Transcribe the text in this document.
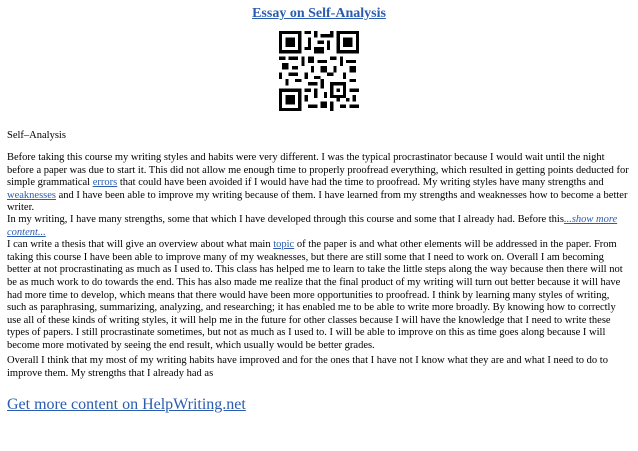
Essay on Self-Analysis
Self–Analysis
Before taking this course my writing styles and habits were very different. I was the typical procrastinator because I would wait until the night before a paper was due to start it. This did not allow me enough time to properly proofread everything, which resulted in getting points deducted for simple grammatical errors that could have been avoided if I would have had the time to proofread. My writing styles have many strengths and weaknesses and I have been able to improve my writing because of them. I have learned from my strengths and weaknesses how to become a better writer.
In my writing, I have many strengths, some that which I have developed through this course and some that I already had. Before this...show more content...
I can write a thesis that will give an overview about what main topic of the paper is and what other elements will be addressed in the paper. From taking this course I have been able to improve many of my weaknesses, but there are still some that I need to work on. Overall I am becoming better at not procrastinating as much as I used to. This class has helped me to learn to take the little steps along the way because then there will not be as much work to do towards the end. This has also made me realize that the final product of my writing will turn out better because it will have had more time to develop, which means that there would have been more opportunities to proofread. I think by learning many styles of writing, such as paraphrasing, summarizing, analyzing, and researching; it has enabled me to be able to write more broadly. By knowing how to correctly use all of these kinds of writing styles, it will help me in the future for other classes because I will have the knowledge that I need to write these types of papers. I still procrastinate sometimes, but not as much as I used to. I will be able to improve on this as time goes along because I will become more motivated by seeing the end result, which usually would be better grades.
Overall I think that my most of my writing habits have improved and for the ones that I have not I know what they are and what I need to do to improve them. My strengths that I already had as
Get more content on HelpWriting.net
